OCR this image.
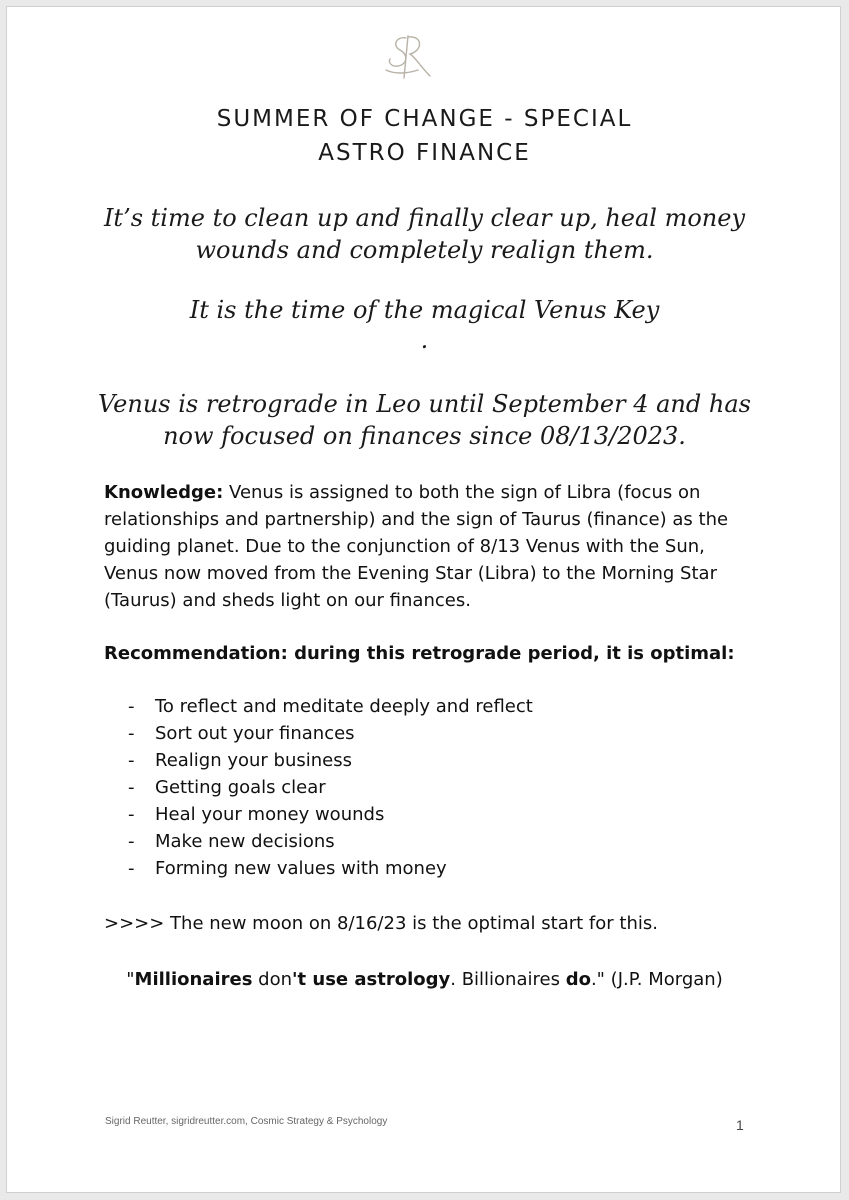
SUMMER OF CHANGE - SPECIAL
ASTRO FINANCE
It’s time to clean up and finally clear up, heal money wounds and completely realign them.
It is the time of the magical Venus Key
.
Venus is retrograde in Leo until September 4 and has now focused on finances since 08/13/2023.
Knowledge: Venus is assigned to both the sign of Libra (focus on relationships and partnership) and the sign of Taurus (finance) as the guiding planet. Due to the conjunction of 8/13 Venus with the Sun, Venus now moved from the Evening Star (Libra) to the Morning Star (Taurus) and sheds light on our finances.
Recommendation: during this retrograde period, it is optimal:
- To reflect and meditate deeply and reflect
- Sort out your finances
- Realign your business
- Getting goals clear
- Heal your money wounds
- Make new decisions
- Forming new values with money
>>>> The new moon on 8/16/23 is the optimal start for this.
"Millionaires don't use astrology. Billionaires do." (J.P. Morgan)
Sigrid Reutter, sigridreutter.com, Cosmic Strategy & Psychology	1
